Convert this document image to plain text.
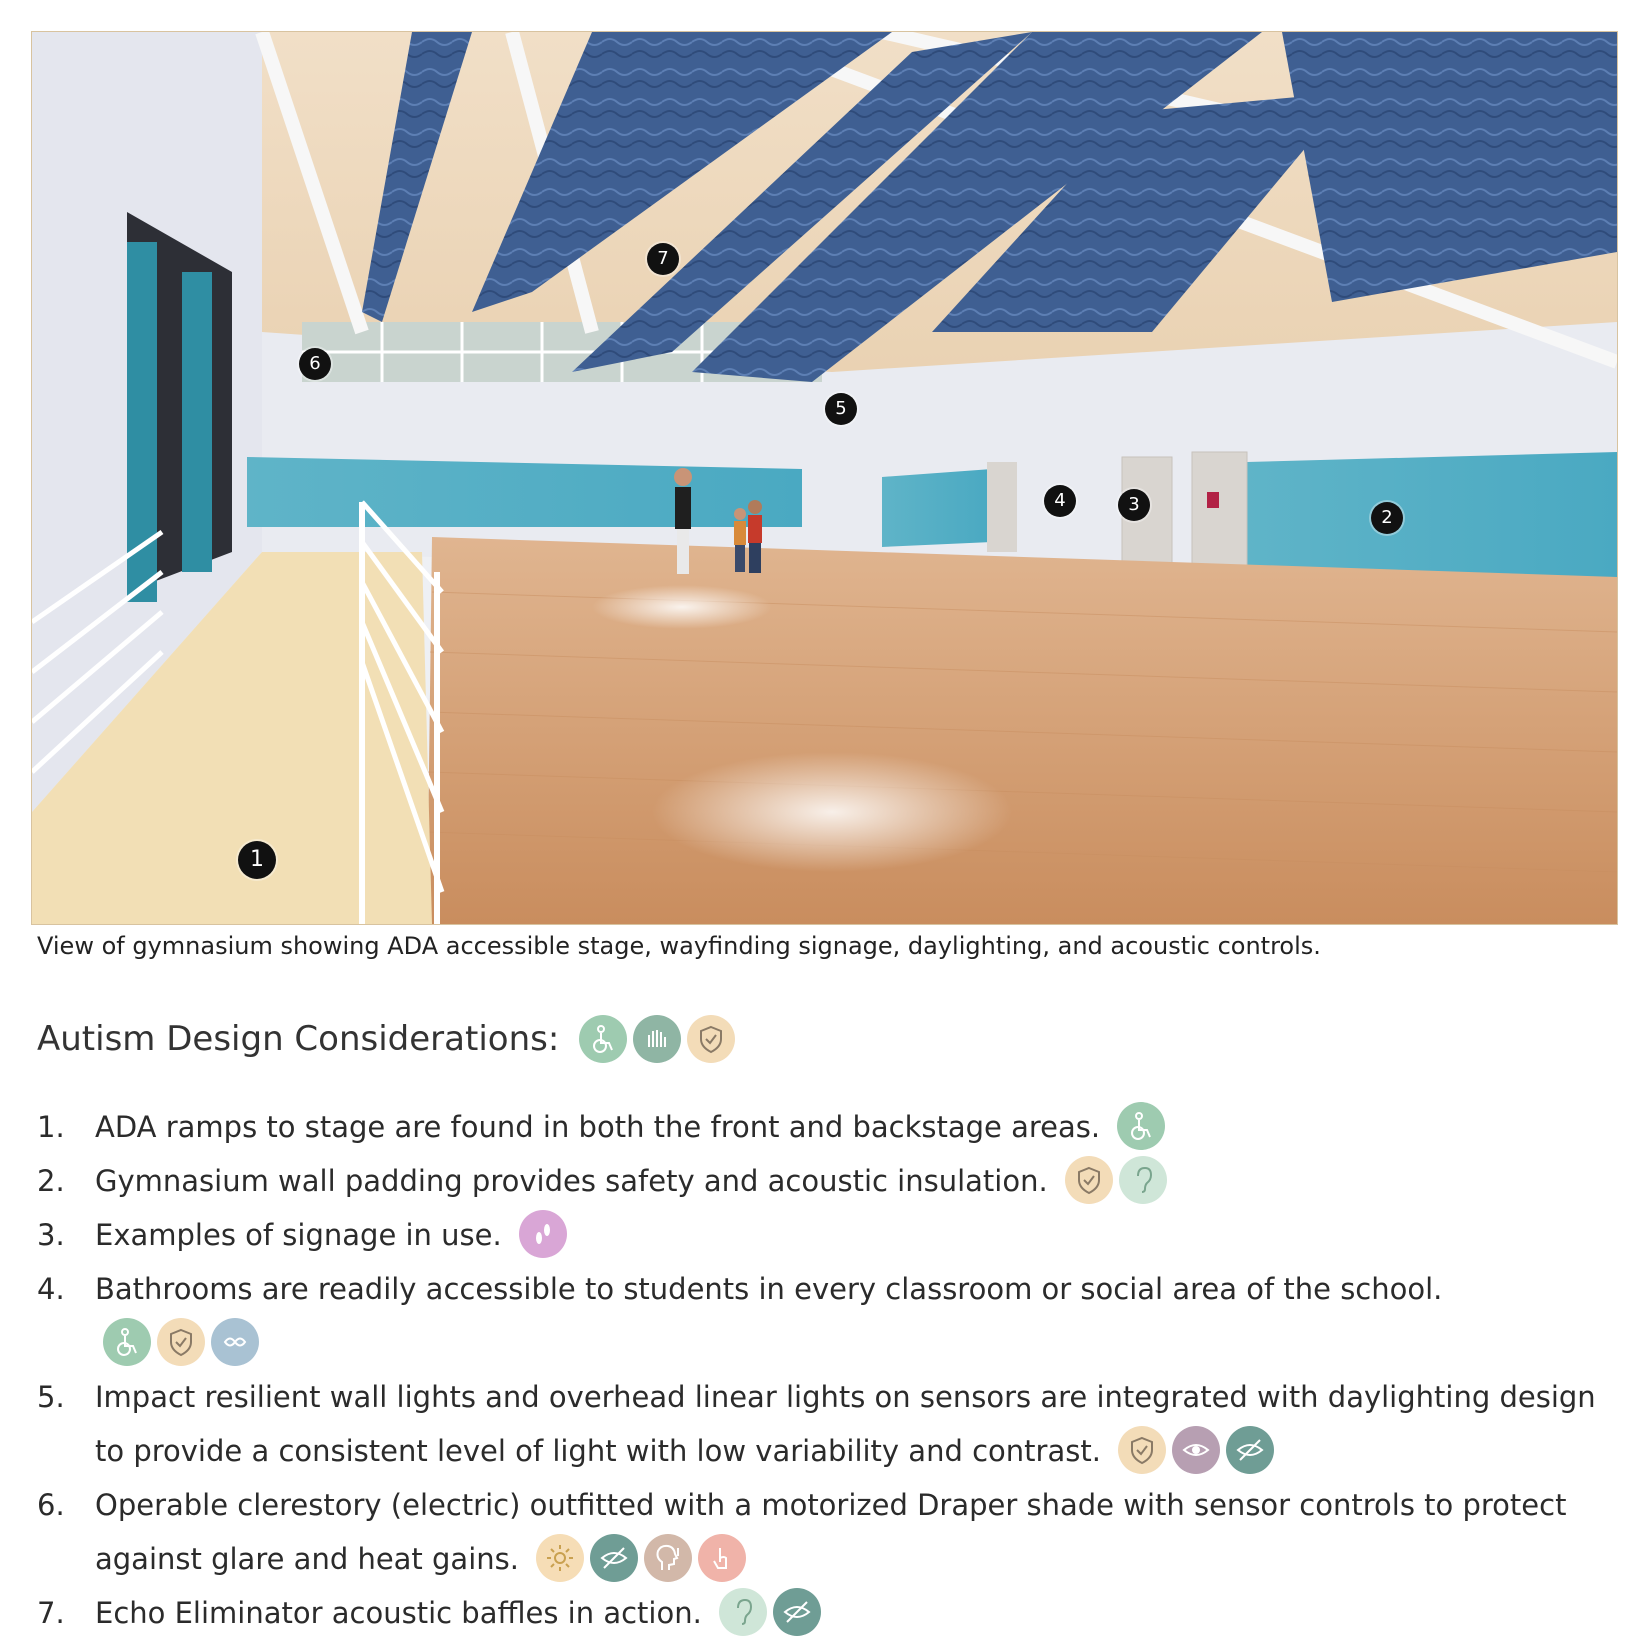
1
2
3
4
5
6
7
View of gymnasium showing ADA accessible stage, wayfinding signage, daylighting, and acoustic controls.
Autism Design Considerations:
1. ADA ramps to stage are found in both the front and backstage areas.
2. Gymnasium wall padding provides safety and acoustic insulation.
3. Examples of signage in use.
4. Bathrooms are readily accessible to students in every classroom or social area of the school.
5. Impact resilient wall lights and overhead linear lights on sensors are integrated with daylighting design to provide a consistent level of light with low variability and contrast.
6. Operable clerestory (electric) outfitted with a motorized Draper shade with sensor controls to protect against glare and heat gains.
7. Echo Eliminator acoustic baffles in action.
